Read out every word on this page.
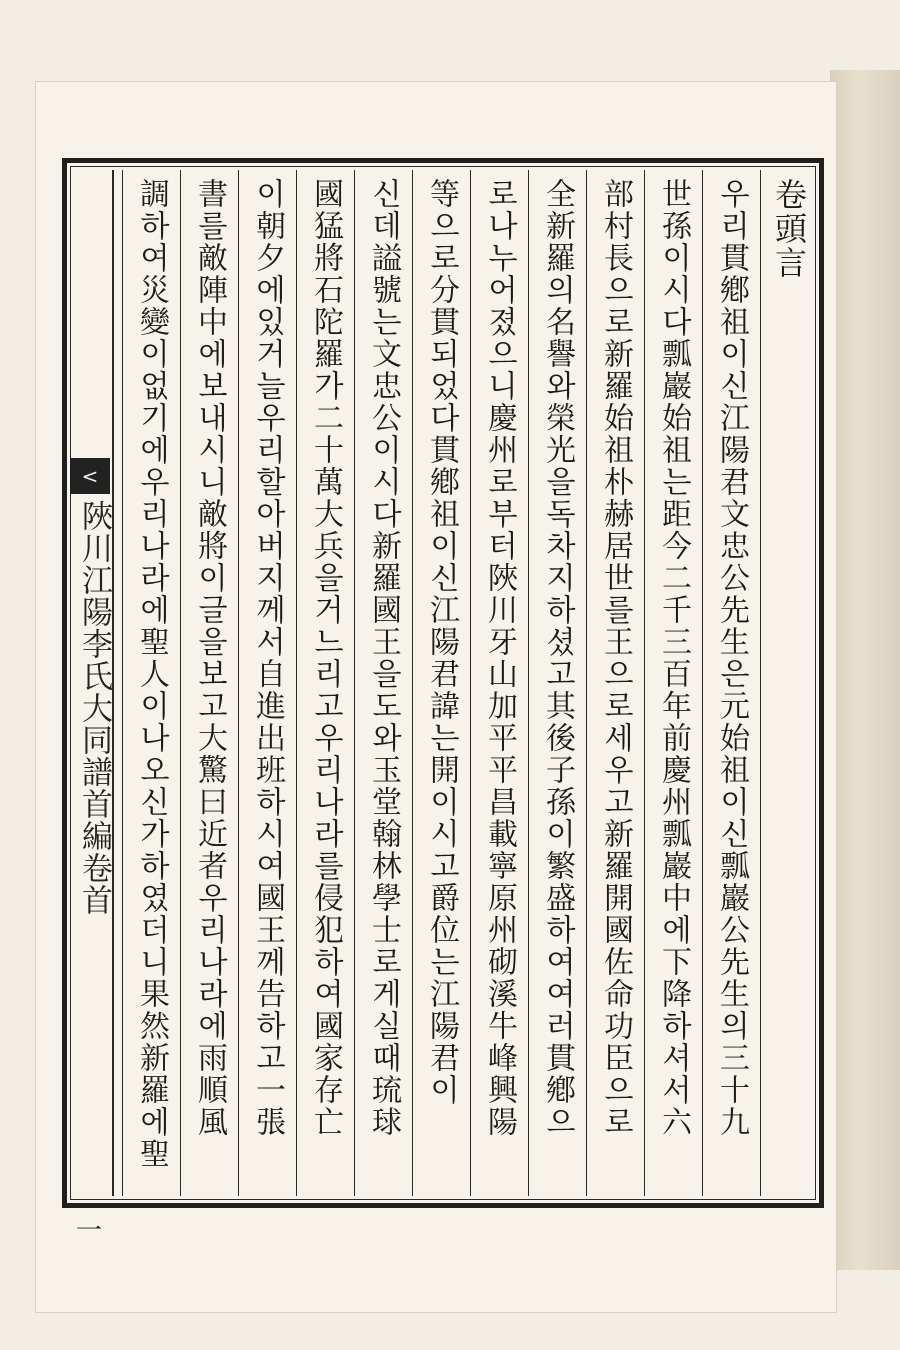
<
陜川江陽李氏大同譜首編卷首
一
卷頭言
우리貫鄕祖이신江陽君文忠公先生은元始祖이신瓢巖公先生의三十九
世孫이시다瓢巖始祖는距今二千三百年前慶州瓢巖中에下降하셔서六
部村長으로新羅始祖朴赫居世를王으로세우고新羅開國佐命功臣으로
全新羅의名譽와榮光을독차지하셨고其後子孫이繁盛하여여러貫鄕으
로나누어졌으니慶州로부터陜川牙山加平平昌載寧原州砌溪牛峰興陽
等으로分貫되었다貫鄕祖이신江陽君諱는開이시고爵位는江陽君이
신데謚號는文忠公이시다新羅國王을도와玉堂翰林學士로게실때琉球
國猛將石陀羅가二十萬大兵을거느리고우리나라를侵犯하여國家存亡
이朝夕에있거늘우리할아버지께서自進出班하시여國王께告하고一張
書를敵陣中에보내시니敵將이글을보고大驚曰近者우리나라에雨順風
調하여災變이없기에우리나라에聖人이나오신가하였더니果然新羅에聖
